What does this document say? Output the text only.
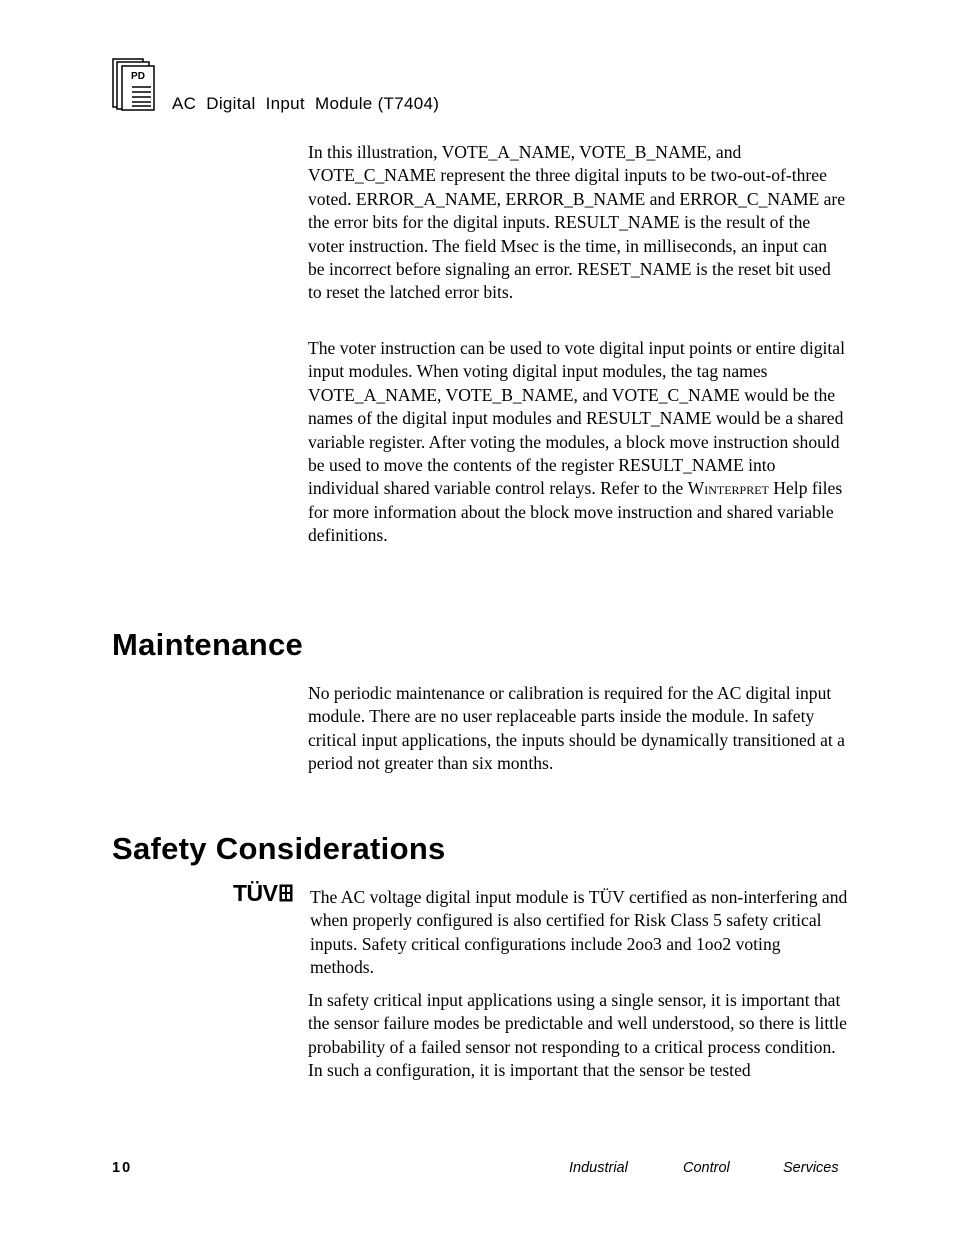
PD
AC  Digital  Input  Module (T7404)

In this illustration, VOTE_A_NAME, VOTE_B_NAME, and VOTE_C_NAME represent the three digital inputs to be two-out-of-three voted. ERROR_A_NAME, ERROR_B_NAME and ERROR_C_NAME are the error bits for the digital inputs. RESULT_NAME is the result of the voter instruction. The field Msec is the time, in milliseconds, an input can be incorrect before signaling an error. RESET_NAME is the reset bit used to reset the latched error bits.

The voter instruction can be used to vote digital input points or entire digital input modules. When voting digital input modules, the tag names VOTE_A_NAME, VOTE_B_NAME, and VOTE_C_NAME would be the names of the digital input modules and RESULT_NAME would be a shared variable register. After voting the modules, a block move instruction should be used to move the contents of the register RESULT_NAME into individual shared variable control relays. Refer to the Winterpret Help files for more information about the block move instruction and shared variable definitions.

Maintenance

No periodic maintenance or calibration is required for the AC digital input module. There are no user replaceable parts inside the module. In safety critical input applications, the inputs should be dynamically transitioned at a period not greater than six months.

Safety Considerations
TÜV The AC voltage digital input module is TÜV certified as non-interfering and when properly configured is also certified for Risk Class 5 safety critical inputs. Safety critical configurations include 2oo3 and 1oo2 voting methods.

In safety critical input applications using a single sensor, it is important that the sensor failure modes be predictable and well understood, so there is little probability of a failed sensor not responding to a critical process condition. In such a configuration, it is important that the sensor be tested

10	Industrial	Control	Services
